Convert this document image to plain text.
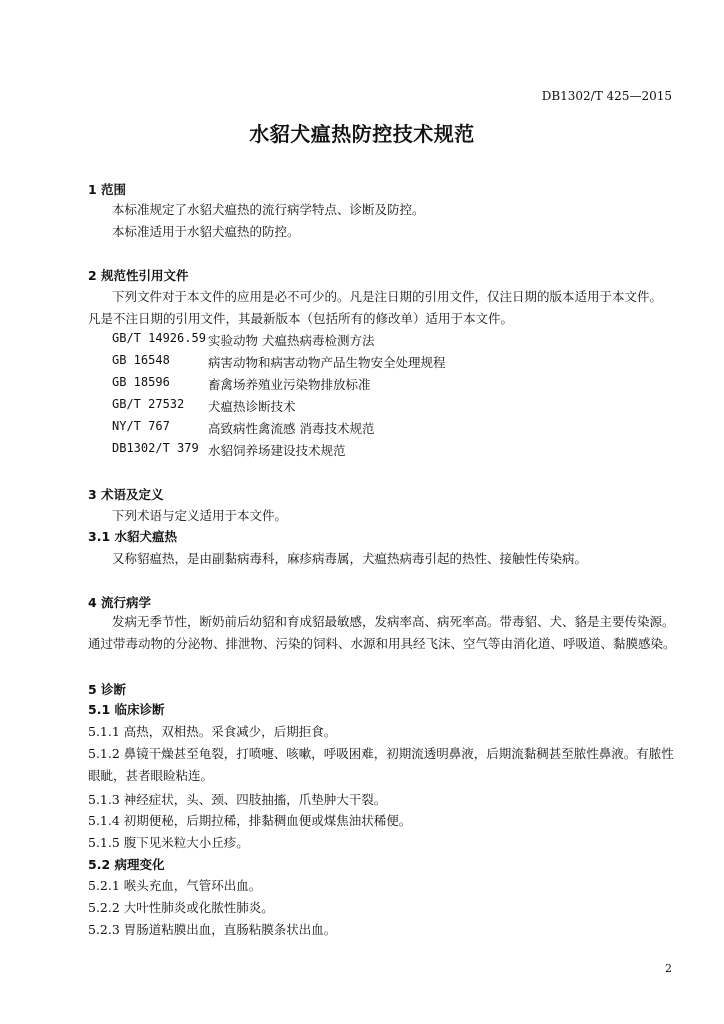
DB1302/T 425—2015
水貂犬瘟热防控技术规范
1 范围
本标准规定了水貂犬瘟热的流行病学特点、诊断及防控。
本标准适用于水貂犬瘟热的防控。
2 规范性引用文件
下列文件对于本文件的应用是必不可少的。凡是注日期的引用文件，仅注日期的版本适用于本文件。
凡是不注日期的引用文件，其最新版本（包括所有的修改单）适用于本文件。
GB/T 14926.59 实验动物 犬瘟热病毒检测方法
GB 16548	病害动物和病害动物产品生物安全处理规程
GB 18596	畜禽场养殖业污染物排放标准
GB/T 27532 犬瘟热诊断技术
NY/T 767	高致病性禽流感 消毒技术规范
DB1302/T 379 水貂饲养场建设技术规范
3 术语及定义
下列术语与定义适用于本文件。
3.1 水貂犬瘟热
又称貂瘟热，是由副黏病毒科，麻疹病毒属，犬瘟热病毒引起的热性、接触性传染病。
4 流行病学
发病无季节性，断奶前后幼貂和育成貂最敏感，发病率高、病死率高。带毒貂、犬、貉是主要传染源。
通过带毒动物的分泌物、排泄物、污染的饲料、水源和用具经飞沫、空气等由消化道、呼吸道、黏膜感染。
5 诊断
5.1 临床诊断
5.1.1 高热，双相热。采食减少，后期拒食。
5.1.2 鼻镜干燥甚至龟裂，打喷嚏、咳嗽，呼吸困难，初期流透明鼻液，后期流黏稠甚至脓性鼻液。有脓性
眼眦，甚者眼睑粘连。
5.1.3 神经症状，头、颈、四肢抽搐，爪垫肿大干裂。
5.1.4 初期便秘，后期拉稀，排黏稠血便或煤焦油状稀便。
5.1.5 腹下见米粒大小丘疹。
5.2 病理变化
5.2.1 喉头充血，气管环出血。
5.2.2 大叶性肺炎或化脓性肺炎。
5.2.3 胃肠道粘膜出血，直肠粘膜条状出血。
2
